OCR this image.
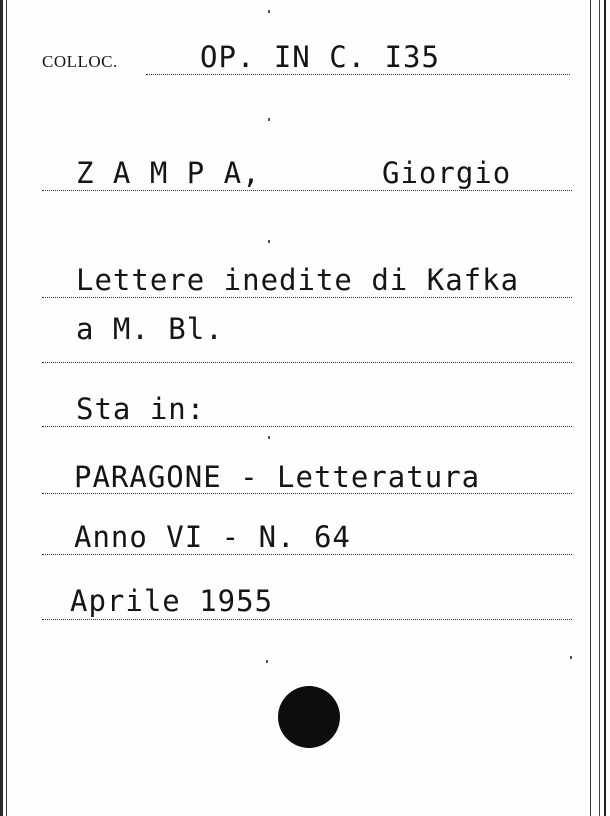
COLLOC.	OP. IN C. I35
Z A M P A,	Giorgio
Lettere inedite di Kafka
a M. Bl.
Sta in:
PARAGONE - Letteratura
Anno VI - N. 64
Aprile 1955
